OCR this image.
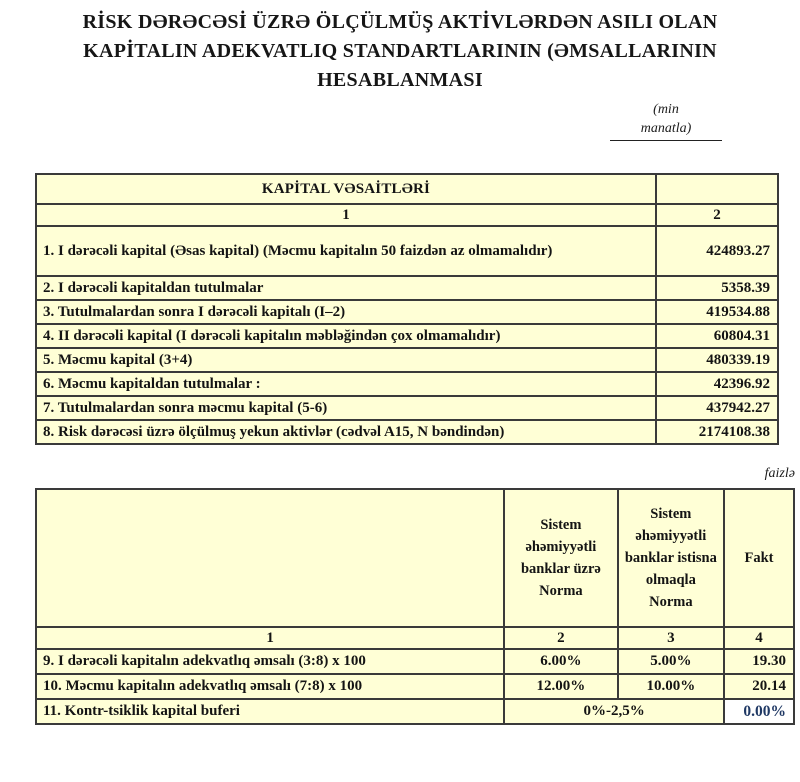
RİSK DƏRƏCƏSİ ÜZRƏ ÖLÇÜLMÜŞ AKTİVLƏRDƏN ASILI OLAN
KAPİTALIN ADEKVATLIQ STANDARTLARININ (ƏMSALLARININ
HESABLANMASI
(min
manatla)
KAPİTAL VƏSAİTLƏRİ	
1	2
1. I dərəcəli kapital (Əsas kapital) (Məcmu kapitalın 50 faizdən az olmamalıdır)	424893.27
2. I dərəcəli kapitaldan tutulmalar	5358.39
3. Tutulmalardan sonra I dərəcəli kapitalı (I–2)	419534.88
4. II dərəcəli kapital (I dərəcəli kapitalın məbləğindən çox olmamalıdır)	60804.31
5. Məcmu kapital (3+4)	480339.19
6. Məcmu kapitaldan tutulmalar :	42396.92
7. Tutulmalardan sonra məcmu kapital (5-6)	437942.27
8. Risk dərəcəsi üzrə ölçülmuş yekun aktivlər (cədvəl A15, N bəndindən)	2174108.38
faizlə
	Sistem əhəmiyyətli banklar üzrə Norma	Sistem əhəmiyyətli banklar istisna olmaqla Norma	Fakt
1	2	3	4
9. I dərəcəli kapitalın adekvatlıq əmsalı (3:8) x 100	6.00%	5.00%	19.30
10. Məcmu kapitalın adekvatlıq əmsalı (7:8) x 100	12.00%	10.00%	20.14
11. Kontr-tsiklik kapital buferi	0%-2,5%		0.00%
